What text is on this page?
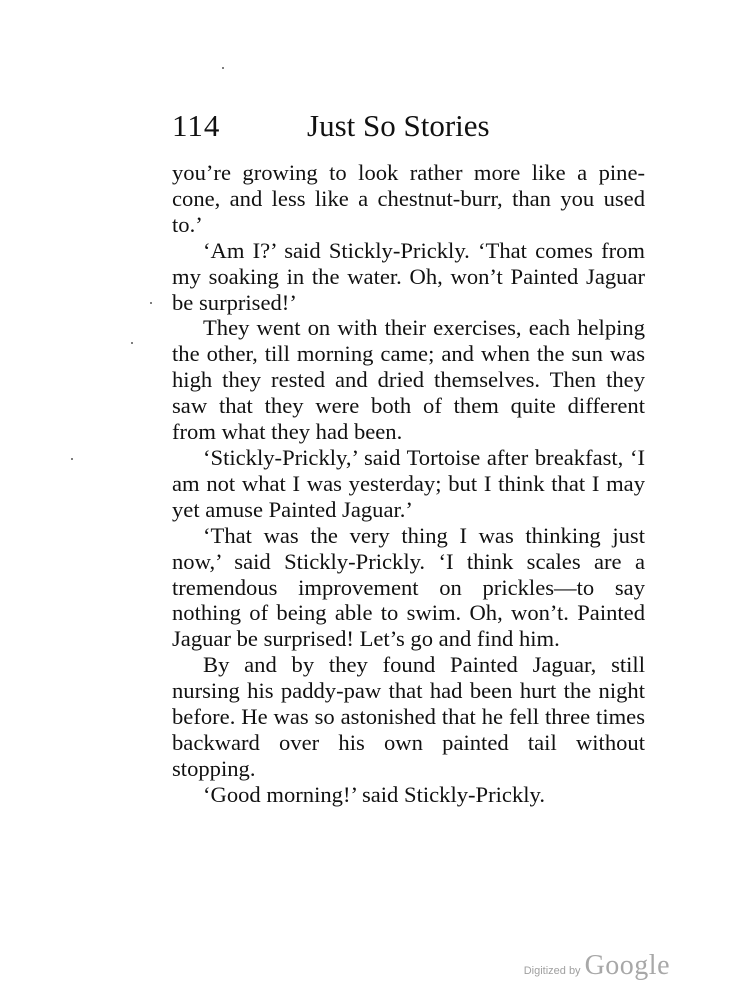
114	Just So Stories

you’re growing to look rather more like a pine-cone, and less like a chestnut-burr, than you used to.’

‘Am I?’ said Stickly-Prickly. ‘That comes from my soaking in the water. Oh, won’t Painted Jaguar be surprised!’

They went on with their exercises, each helping the other, till morning came; and when the sun was high they rested and dried themselves. Then they saw that they were both of them quite different from what they had been.

‘Stickly-Prickly,’ said Tortoise after breakfast, ‘I am not what I was yesterday; but I think that I may yet amuse Painted Jaguar.’

‘That was the very thing I was thinking just now,’ said Stickly-Prickly. ‘I think scales are a tremendous improvement on prickles—to say nothing of being able to swim. Oh, won’t. Painted Jaguar be surprised! Let’s go and find him.

By and by they found Painted Jaguar, still nursing his paddy-paw that had been hurt the night before. He was so astonished that he fell three times backward over his own painted tail without stopping.

‘Good morning!’ said Stickly-Prickly.

Digitized by Google
